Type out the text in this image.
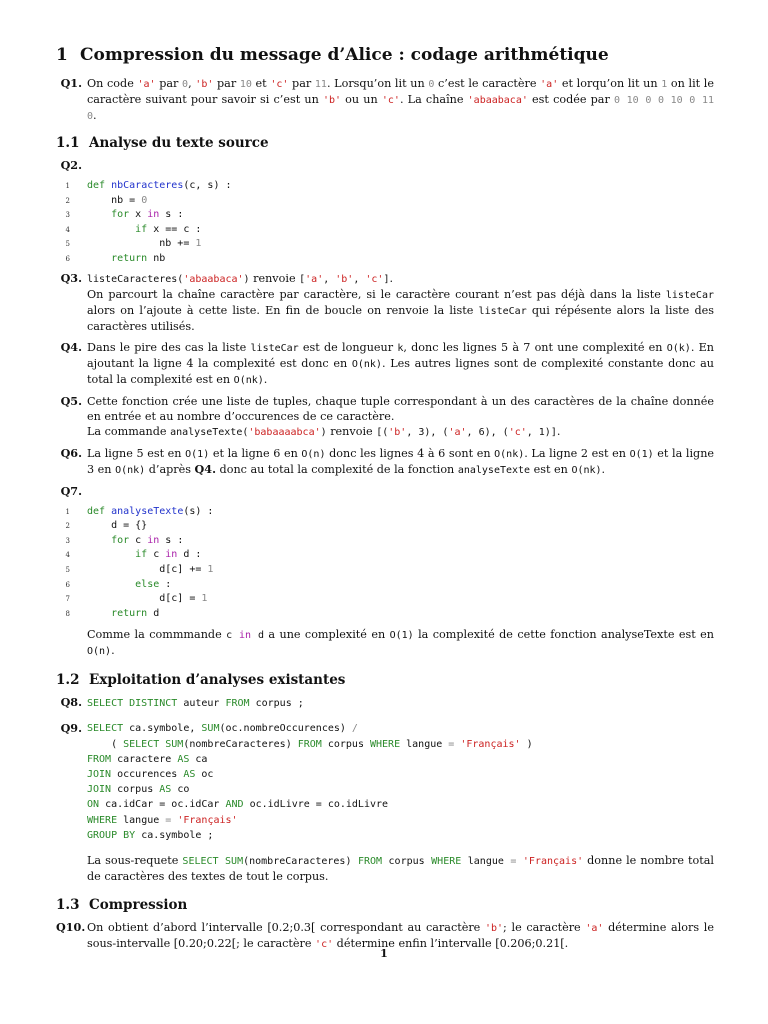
1 Compression du message d’Alice : codage arithmétique
Q1. On code 'a' par 0, 'b' par 10 et 'c' par 11. Lorsqu’on lit un 0 c’est le caractère 'a' et lorqu’on lit un 1 on lit le caractère suivant pour savoir si c’est un 'b' ou un 'c'. La chaîne 'abaabaca' est codée par 0 10 0 0 10 0 11 0.
1.1 Analyse du texte source
Q2.

1 def nbCaracteres(c, s) :
2 nb = 0
3 for x in s :
4 if x == c :
5 nb += 1
6 return nb
Q3. listeCaracteres('abaabaca') renvoie ['a', 'b', 'c'].
On parcourt la chaîne caractère par caractère, si le caractère courant n’est pas déjà dans la liste listeCar alors on l’ajoute à cette liste. En fin de boucle on renvoie la liste listeCar qui répésente alors la liste des caractères utilisés.
Q4. Dans le pire des cas la liste listeCar est de longueur k, donc les lignes 5 à 7 ont une complexité en O(k). En ajoutant la ligne 4 la complexité est donc en O(nk). Les autres lignes sont de complexité constante donc au total la complexité est en O(nk).
Q5. Cette fonction crée une liste de tuples, chaque tuple correspondant à un des caractères de la chaîne donnée en entrée et au nombre d’occurences de ce caractère.
La commande analyseTexte('babaaaabca') renvoie [('b', 3), ('a', 6), ('c', 1)].
Q6. La ligne 5 est en O(1) et la ligne 6 en O(n) donc les lignes 4 à 6 sont en O(nk). La ligne 2 est en O(1) et la ligne 3 en O(nk) d’après Q4. donc au total la complexité de la fonction analyseTexte est en O(nk).
Q7.

1 def analyseTexte(s) :
2 d = {}
3 for c in s :
4 if c in d :
5 d[c] += 1
6 else :
7 d[c] = 1
8 return d
Comme la commmande c in d a une complexité en O(1) la complexité de cette fonction analyseTexte est en O(n).
1.2 Exploitation d’analyses existantes
Q8. SELECT DISTINCT auteur FROM corpus ;
Q9. SELECT ca.symbole, SUM(oc.nombreOccurences) /
( SELECT SUM(nombreCaracteres) FROM corpus WHERE langue = 'Français' )
FROM caractere AS ca
JOIN occurences AS oc
JOIN corpus AS co
ON ca.idCar = oc.idCar AND oc.idLivre = co.idLivre
WHERE langue = 'Français'
GROUP BY ca.symbole ;
La sous-requete SELECT SUM(nombreCaracteres) FROM corpus WHERE langue = 'Français' donne le nombre total de caractères des textes de tout le corpus.
1.3 Compression
Q10. On obtient d’abord l’intervalle [0.2;0.3[ correspondant au caractère 'b'; le caractère 'a' détermine alors le sous-intervalle [0.20;0.22[; le caractère 'c' détermine enfin l’intervalle [0.206;0.21[.
1
